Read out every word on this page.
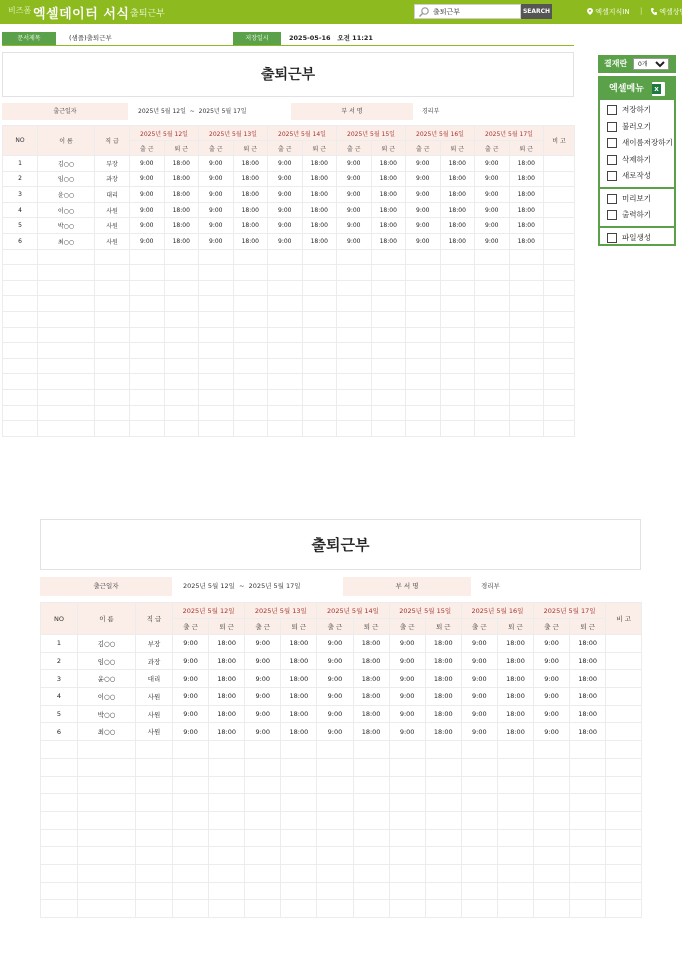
비즈폼 엑셀데이터 서식 출퇴근부
출퇴근부	SEARCH	엑셀지식IN |	엑셀상담
문서제목	(샘플)출퇴근부	저장일시	2025-05-16   오전 11:21
출퇴근부
출근일자	2025년 5월 12일 ~ 2025년 5월 17일	부 서 명	경리부
NO	이 름	직 급	2025년 5월 12일		2025년 5월 13일		2025년 5월 14일		2025년 5월 15일		2025년 5월 16일		2025년 5월 17일		비 고
			출 근	퇴 근	출 근	퇴 근	출 근	퇴 근	출 근	퇴 근	출 근	퇴 근	출 근	퇴 근	
1	김○○	부장	9:00	18:00	9:00	18:00	9:00	18:00	9:00	18:00	9:00	18:00	9:00	18:00	
2	임○○	과장	9:00	18:00	9:00	18:00	9:00	18:00	9:00	18:00	9:00	18:00	9:00	18:00	
3	윤○○	대리	9:00	18:00	9:00	18:00	9:00	18:00	9:00	18:00	9:00	18:00	9:00	18:00	
4	이○○	사원	9:00	18:00	9:00	18:00	9:00	18:00	9:00	18:00	9:00	18:00	9:00	18:00	
5	박○○	사원	9:00	18:00	9:00	18:00	9:00	18:00	9:00	18:00	9:00	18:00	9:00	18:00	
6	최○○	사원	9:00	18:00	9:00	18:00	9:00	18:00	9:00	18:00	9:00	18:00	9:00	18:00	

결재란
0개
엑셀메뉴	x
저장하기
불러오기
새이름저장하기
삭제하기
새로작성
미리보기
출력하기
파일생성
출퇴근부
출근일자	2025년 5월 12일 ~ 2025년 5월 17일	부 서 명	경리부
NO	이 름	직 급	2025년 5월 12일		2025년 5월 13일		2025년 5월 14일		2025년 5월 15일		2025년 5월 16일		2025년 5월 17일		비 고
			출 근	퇴 근	출 근	퇴 근	출 근	퇴 근	출 근	퇴 근	출 근	퇴 근	출 근	퇴 근	
1	김○○	부장	9:00	18:00	9:00	18:00	9:00	18:00	9:00	18:00	9:00	18:00	9:00	18:00	
2	임○○	과장	9:00	18:00	9:00	18:00	9:00	18:00	9:00	18:00	9:00	18:00	9:00	18:00	
3	윤○○	대리	9:00	18:00	9:00	18:00	9:00	18:00	9:00	18:00	9:00	18:00	9:00	18:00	
4	이○○	사원	9:00	18:00	9:00	18:00	9:00	18:00	9:00	18:00	9:00	18:00	9:00	18:00	
5	박○○	사원	9:00	18:00	9:00	18:00	9:00	18:00	9:00	18:00	9:00	18:00	9:00	18:00	
6	최○○	사원	9:00	18:00	9:00	18:00	9:00	18:00	9:00	18:00	9:00	18:00	9:00	18:00	
